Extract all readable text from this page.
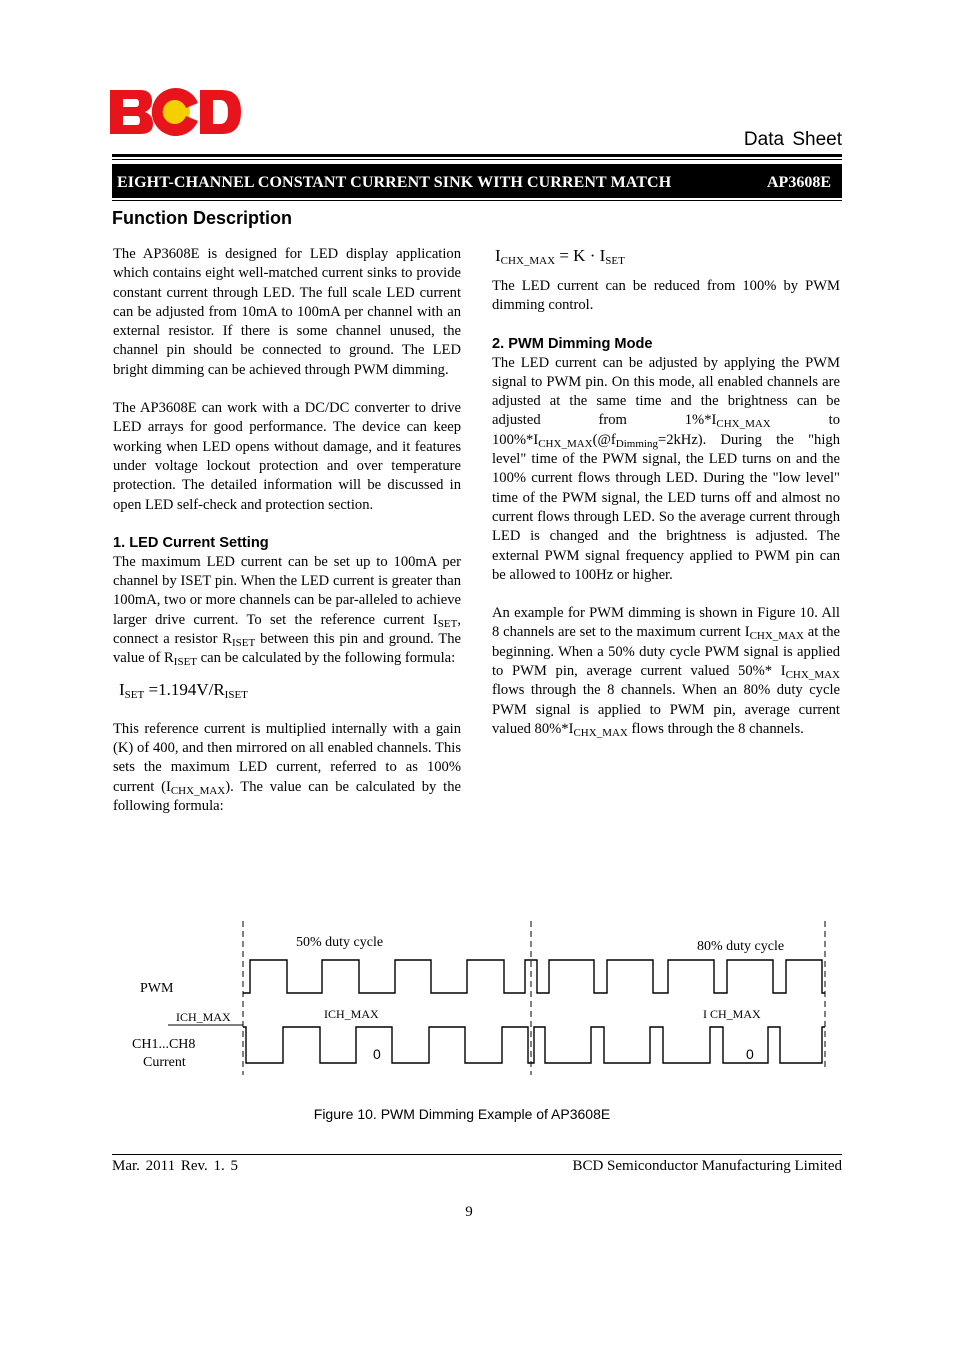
Data Sheet
EIGHT-CHANNEL CONSTANT CURRENT SINK WITH CURRENT MATCH	AP3608E
Function Description

The AP3608E is designed for LED display application which contains eight well-matched current sinks to provide constant current through LED. The full scale LED current can be adjusted from 10mA to 100mA per channel with an external resistor. If there is some channel unused, the channel pin should be connected to ground. The LED bright dimming can be achieved through PWM dimming.

The AP3608E can work with a DC/DC converter to drive LED arrays for good performance. The device can keep working when LED opens without damage, and it features under voltage lockout protection and over temperature protection. The detailed information will be discussed in open LED self-check and protection section.

1. LED Current Setting

The maximum LED current can be set up to 100mA per channel by ISET pin. When the LED current is greater than 100mA, two or more channels can be par-alleled to achieve larger drive current. To set the reference current $I_{SET}$, connect a resistor $R_{ISET}$ between this pin and ground. The value of $R_{ISET}$ can be calculated by the following formula:

$I_{SET} =1.194V/R_{ISET}$

This reference current is multiplied internally with a gain (K) of 400, and then mirrored on all enabled channels. This sets the maximum LED current, referred to as 100% current $(I_{CHX\_MAX})$. The value can be calculated by the following formula:

$I_{CHX\_MAX} = K \cdot I_{SET}$

The LED current can be reduced from 100% by PWM dimming control.

2. PWM Dimming Mode

The LED current can be adjusted by applying the PWM signal to PWM pin. On this mode, all enabled channels are adjusted at the same time and the brightness can be adjusted from $1\%*I_{CHX\_MAX}$ to $100\%*I_{CHX\_MAX}(@f_{Dimming}=2kHz)$. During the "high level" time of the PWM signal, the LED turns on and the 100% current flows through LED. During the "low level" time of the PWM signal, the LED turns off and almost no current flows through LED. So the average current through LED is changed and the brightness is adjusted. The external PWM signal frequency applied to PWM pin can be allowed to 100Hz or higher.

An example for PWM dimming is shown in Figure 10. All 8 channels are set to the maximum current $I_{CHX\_MAX}$ at the beginning. When a 50% duty cycle PWM signal is applied to PWM pin, average current valued 50%* $I_{CHX\_MAX}$ flows through the 8 channels. When an 80% duty cycle PWM signal is applied to PWM pin, average current valued $80\%*I_{CHX\_MAX}$ flows through the 8 channels.

50% duty cycle	80% duty cycle
PWM
ICH_MAX	ICH_MAX	I CH_MAX
CH1...CH8
Current
0	0
Figure 10. PWM Dimming Example of AP3608E
Mar. 2011 Rev. 1. 5	BCD Semiconductor Manufacturing Limited
9
